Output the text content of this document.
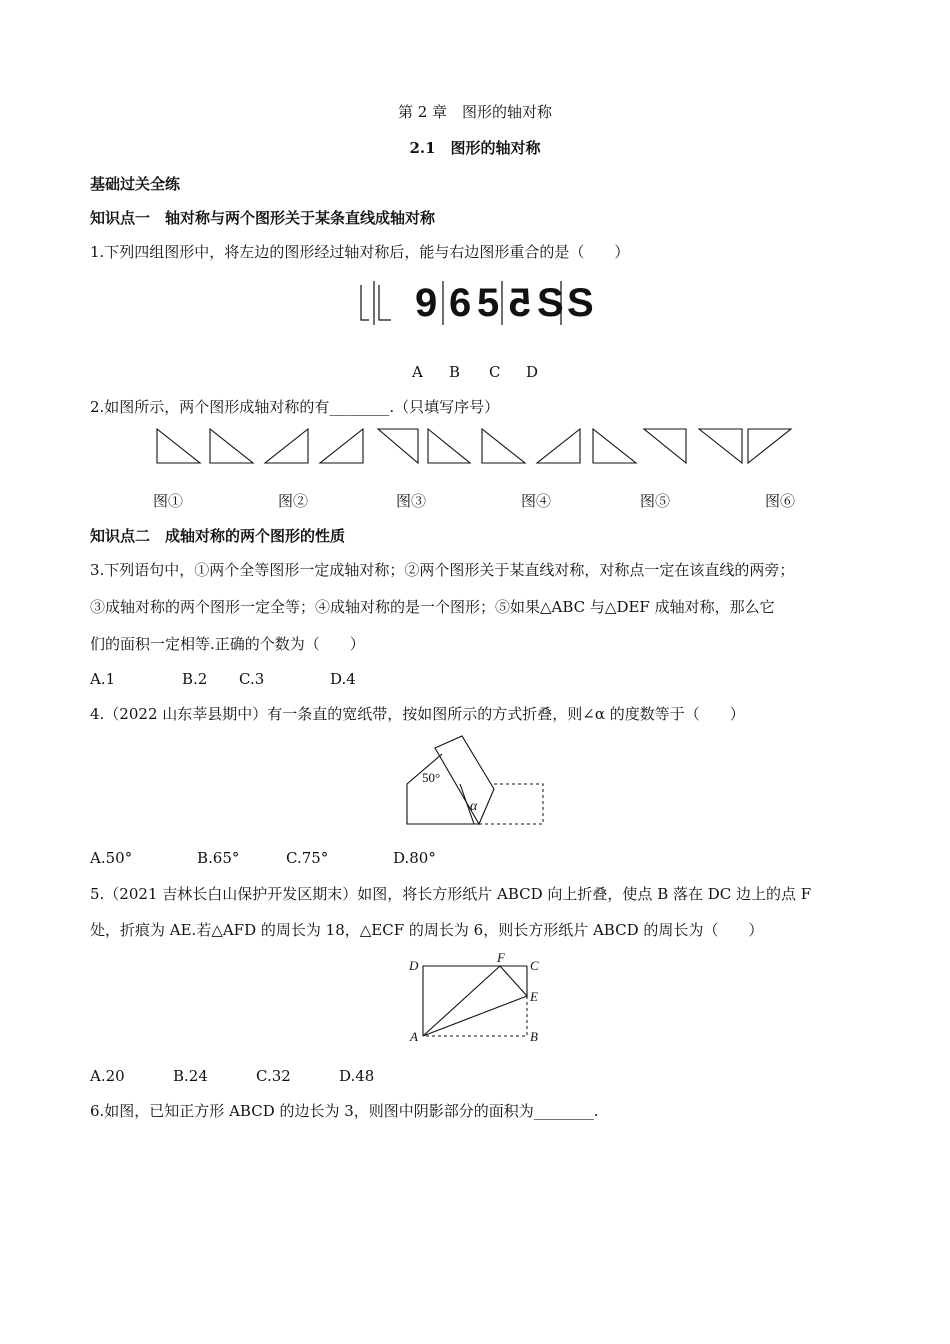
第 2 章　图形的轴对称
2.1　图形的轴对称
基础过关全练
知识点一　轴对称与两个图形关于某条直线成轴对称
1.下列四组图形中，将左边的图形经过轴对称后，能与右边图形重合的是（　　）
9 6 5 5 S S
A B C D
2.如图所示，两个图形成轴对称的有________.（只填写序号）
图①	图②	图③	图④	图⑤	图⑥
知识点二　成轴对称的两个图形的性质
3.下列语句中，①两个全等图形一定成轴对称；②两个图形关于某直线对称，对称点一定在该直线的两旁；
③成轴对称的两个图形一定全等；④成轴对称的是一个图形；⑤如果△ABC 与△DEF 成轴对称，那么它
们的面积一定相等.正确的个数为（　　）
A.1	B.2 C.3	D.4
4.（2022 山东莘县期中）有一条直的宽纸带，按如图所示的方式折叠，则∠α 的度数等于（　　）
50°
α
A.50°	B.65°	C.75°	D.80°
5.（2021 吉林长白山保护开发区期末）如图，将长方形纸片 ABCD 向上折叠，使点 B 落在 DC 边上的点 F
处，折痕为 AE.若△AFD 的周长为 18，△ECF 的周长为 6，则长方形纸片 ABCD 的周长为（　　）
D
F
C
E
A	B
A.20	B.24	C.32	D.48
6.如图，已知正方形 ABCD 的边长为 3，则图中阴影部分的面积为________.
